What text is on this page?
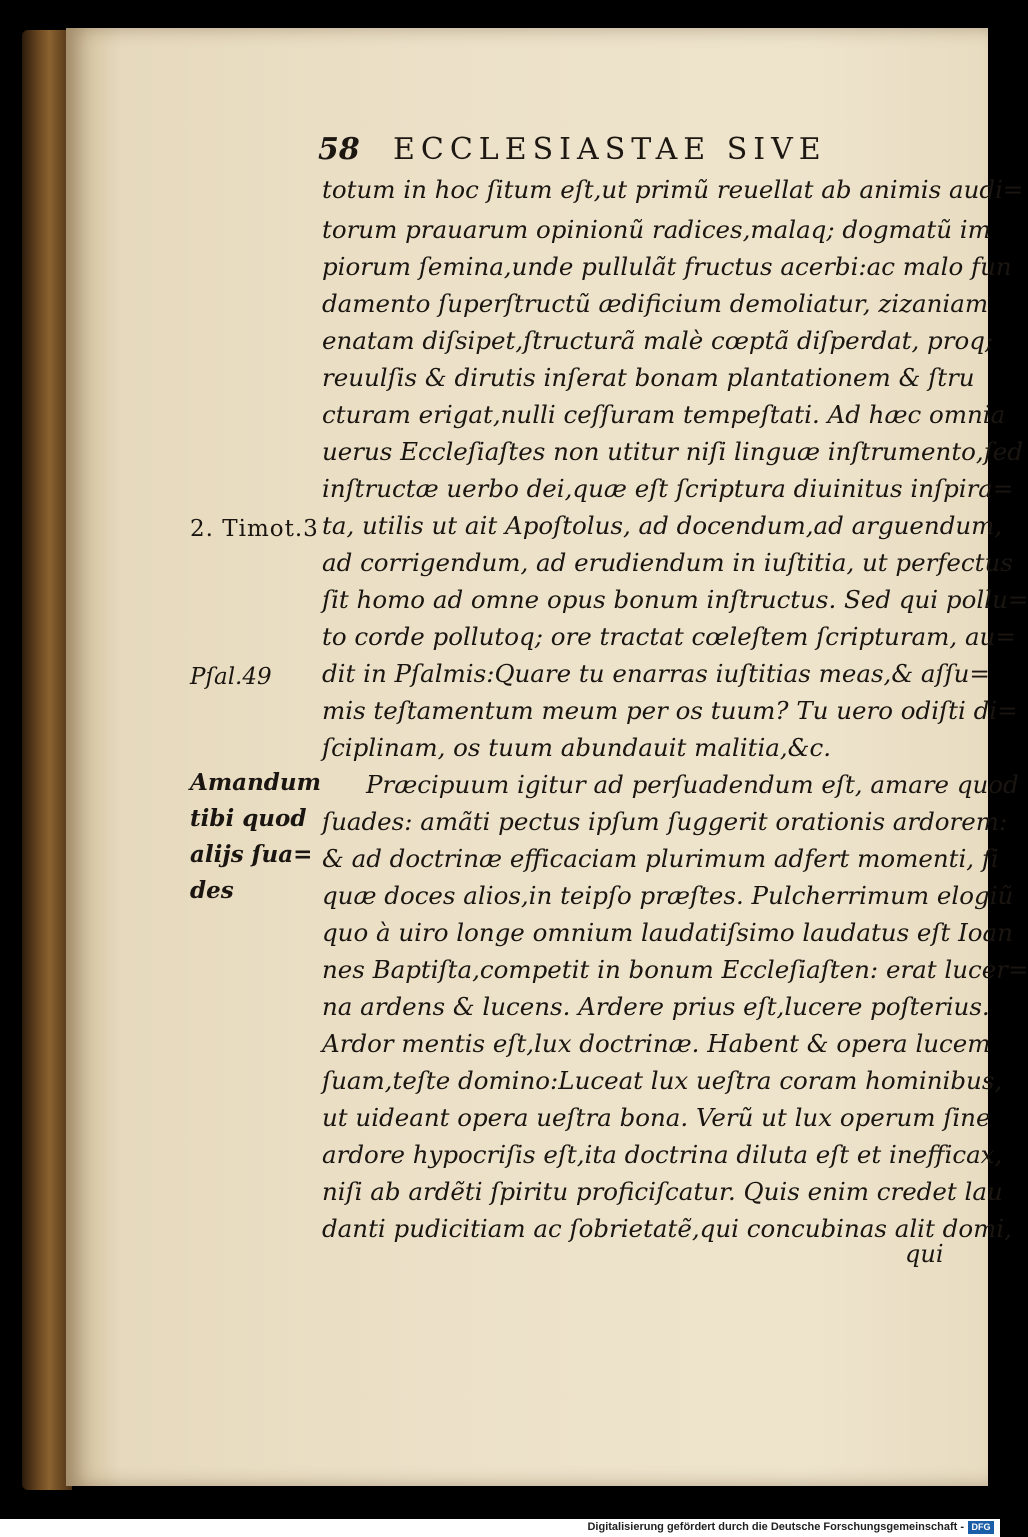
58 ECCLESIASTAE SIVE
totum in hoc ſitum eſt,ut primũ reuellat ab animis audi=
torum prauarum opinionũ radices,malaq; dogmatũ im
piorum ſemina,unde pullulãt fructus acerbi:ac malo fun
damento ſuperſtructũ ædificium demoliatur, zizaniam
enatam diſsipet,ſtructurã malè cœptã diſperdat, proq;
reuulſis & dirutis inſerat bonam plantationem & ſtru
cturam erigat,nulli ceſſuram tempeſtati. Ad hæc omnia
uerus Eccleſiaſtes non utitur niſi linguæ inſtrumento,ſed
inſtructæ uerbo dei,quæ eſt ſcriptura diuinitus inſpira=
ta, utilis ut ait Apoſtolus, ad docendum,ad arguendum,
ad corrigendum, ad erudiendum in iuſtitia, ut perfectus
ſit homo ad omne opus bonum inſtructus. Sed qui pollu=
to corde pollutoq; ore tractat cœleſtem ſcripturam, au=
dit in Pſalmis:Quare tu enarras iuſtitias meas,& aſſu=
mis teſtamentum meum per os tuum? Tu uero odiſti di=
ſciplinam, os tuum abundauit malitia,&c.
Præcipuum igitur ad perſuadendum eſt, amare quod
ſuades: amãti pectus ipſum ſuggerit orationis ardorem:
& ad doctrinæ efficaciam plurimum adfert momenti, ſi
quæ doces alios,in teipſo præſtes. Pulcherrimum elogiũ
quo à uiro longe omnium laudatiſsimo laudatus eſt Ioan
nes Baptiſta,competit in bonum Eccleſiaſten: erat lucer=
na ardens & lucens. Ardere prius eſt,lucere poſterius.
Ardor mentis eſt,lux doctrinæ. Habent & opera lucem
ſuam,teſte domino:Luceat lux ueſtra coram hominibus,
ut uideant opera ueſtra bona. Verũ ut lux operum ſine
ardore hypocriſis eſt,ita doctrina diluta eſt et inefficax,
niſi ab ardẽti ſpiritu proficiſcatur. Quis enim credet lau
danti pudicitiam ac ſobrietatẽ,qui concubinas alit domi,
qui
2. Timot.3
Pſal.49
Amandum
tibi quod
aliјs ſua=
des
Digitalisierung gefördert durch die Deutsche Forschungsgemeinschaft - DFG
